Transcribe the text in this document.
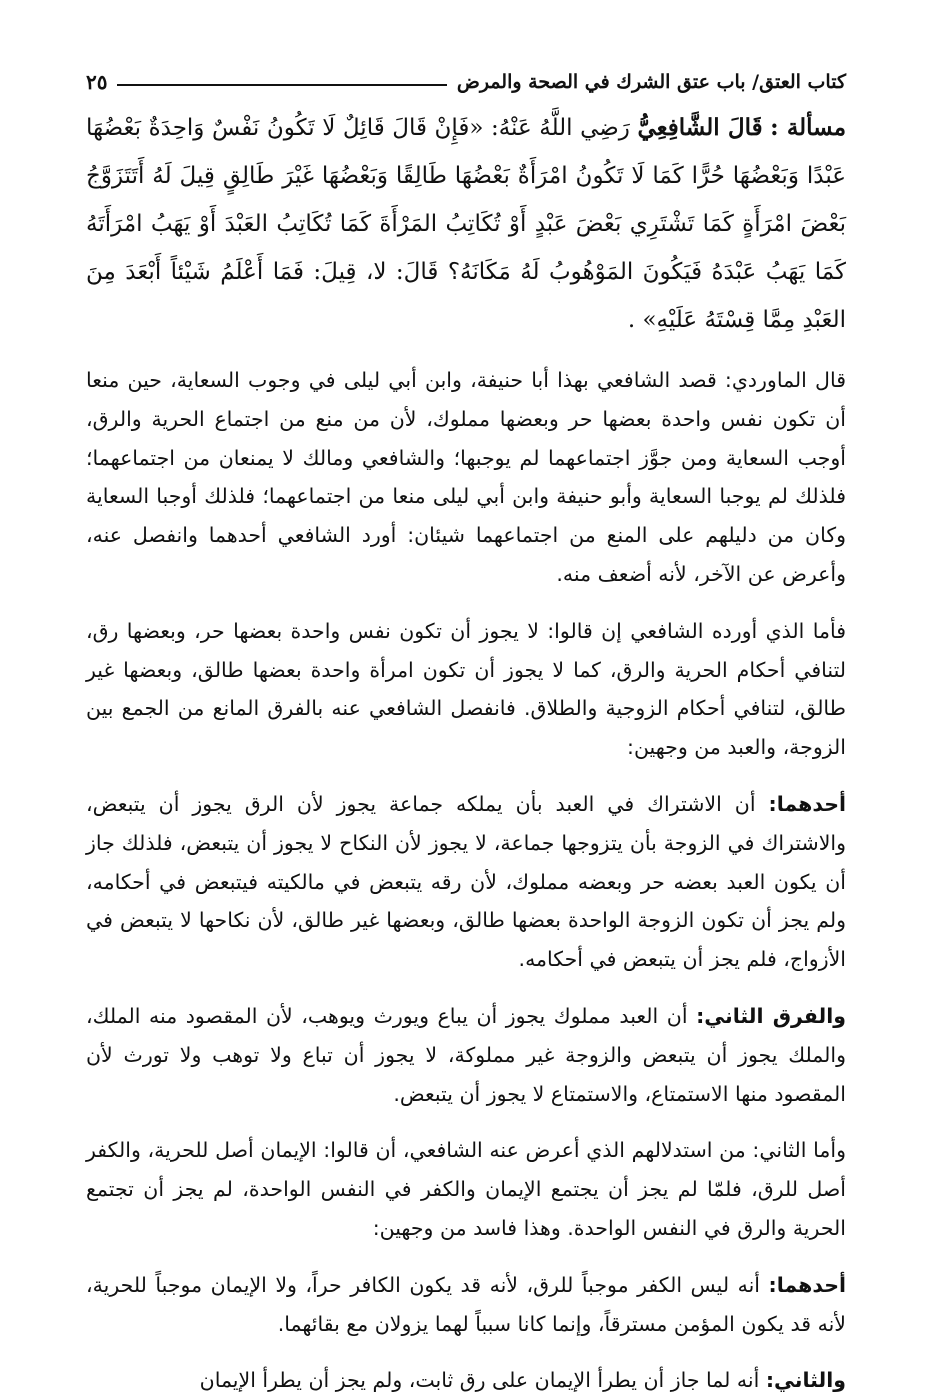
كتاب العتق/ باب عتق الشرك في الصحة والمرض
٢٥

مسألة : قَالَ الشَّافِعِيُّ رَضِي اللَّهُ عَنْهُ: «فَإِنْ قَالَ قَائِلٌ لَا تَكُونُ نَفْسٌ وَاحِدَةٌ بَعْضُهَا عَبْدًا وَبَعْضُهَا حُرًّا كَمَا لَا تَكُونُ امْرَأَةٌ بَعْضُهَا طَالِقًا وَبَعْضُهَا غَيْرَ طَالِقٍ قِيلَ لَهُ أَتَتَزَوَّجُ بَعْضَ امْرَأَةٍ كَمَا تَشْتَرِي بَعْضَ عَبْدٍ أَوْ تُكَاتِبُ المَرْأَةَ كَمَا تُكَاتِبُ العَبْدَ أَوْ يَهَبُ امْرَأَتَهُ كَمَا يَهَبُ عَبْدَهُ فَيَكُونَ المَوْهُوبُ لَهُ مَكَانَهُ؟ قَالَ: لا، قِيلَ: فَمَا أَعْلَمُ شَيْئاً أَبْعَدَ مِنَ العَبْدِ مِمَّا قِسْتَهُ عَلَيْهِ» .

قال الماوردي: قصد الشافعي بهذا أبا حنيفة، وابن أبي ليلى في وجوب السعاية، حين منعا أن تكون نفس واحدة بعضها حر وبعضها مملوك، لأن من منع من اجتماع الحرية والرق، أوجب السعاية ومن جوَّز اجتماعهما لم يوجبها؛ والشافعي ومالك لا يمنعان من اجتماعهما؛ فلذلك لم يوجبا السعاية وأبو حنيفة وابن أبي ليلى منعا من اجتماعهما؛ فلذلك أوجبا السعاية وكان من دليلهم على المنع من اجتماعهما شيئان: أورد الشافعي أحدهما وانفصل عنه، وأعرض عن الآخر، لأنه أضعف منه.

فأما الذي أورده الشافعي إن قالوا: لا يجوز أن تكون نفس واحدة بعضها حر، وبعضها رق، لتنافي أحكام الحرية والرق، كما لا يجوز أن تكون امرأة واحدة بعضها طالق، وبعضها غير طالق، لتنافي أحكام الزوجية والطلاق. فانفصل الشافعي عنه بالفرق المانع من الجمع بين الزوجة، والعبد من وجهين:

أحدهما: أن الاشتراك في العبد بأن يملكه جماعة يجوز لأن الرق يجوز أن يتبعض، والاشتراك في الزوجة بأن يتزوجها جماعة، لا يجوز لأن النكاح لا يجوز أن يتبعض، فلذلك جاز أن يكون العبد بعضه حر وبعضه مملوك، لأن رقه يتبعض في مالكيته فيتبعض في أحكامه، ولم يجز أن تكون الزوجة الواحدة بعضها طالق، وبعضها غير طالق، لأن نكاحها لا يتبعض في الأزواج، فلم يجز أن يتبعض في أحكامه.

والفرق الثاني: أن العبد مملوك يجوز أن يباع ويورث ويوهب، لأن المقصود منه الملك، والملك يجوز أن يتبعض والزوجة غير مملوكة، لا يجوز أن تباع ولا توهب ولا تورث لأن المقصود منها الاستمتاع، والاستمتاع لا يجوز أن يتبعض.

وأما الثاني: من استدلالهم الذي أعرض عنه الشافعي، أن قالوا: الإيمان أصل للحرية، والكفر أصل للرق، فلمّا لم يجز أن يجتمع الإيمان والكفر في النفس الواحدة، لم يجز أن تجتمع الحرية والرق في النفس الواحدة. وهذا فاسد من وجهين:

أحدهما: أنه ليس الكفر موجباً للرق، لأنه قد يكون الكافر حراً، ولا الإيمان موجباً للحرية، لأنه قد يكون المؤمن مسترقاً، وإنما كانا سبباً لهما يزولان مع بقائهما.

والثاني: أنه لما جاز أن يطرأ الإيمان على رق ثابت، ولم يجز أن يطرأ الإيمان
